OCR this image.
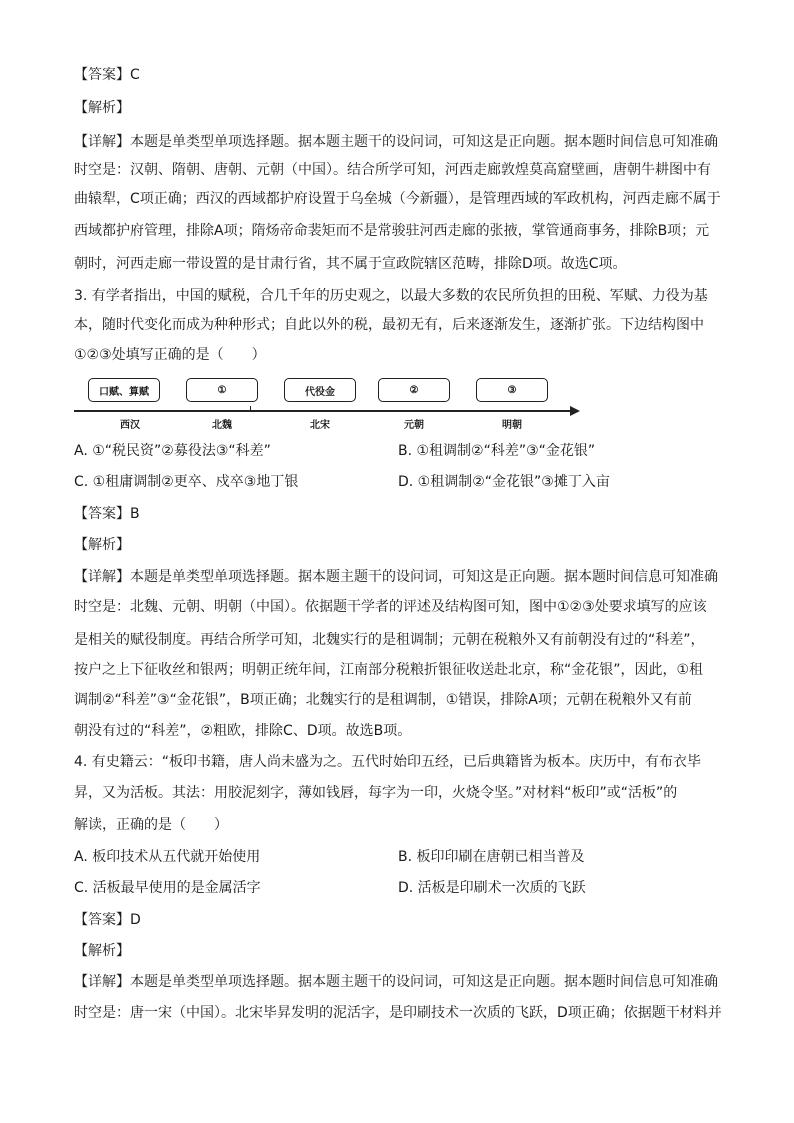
【答案】C
【解析】
【详解】本题是单类型单项选择题。据本题主题干的设问词，可知这是正向题。据本题时间信息可知准确
时空是：汉朝、隋朝、唐朝、元朝（中国）。结合所学可知，河西走廊敦煌莫高窟壁画，唐朝牛耕图中有
曲辕犁，C项正确；西汉的西域都护府设置于乌垒城（今新疆），是管理西域的军政机构，河西走廊不属于
西域都护府管理，排除A项；隋炀帝命裴矩而不是常骏驻河西走廊的张掖，掌管通商事务，排除B项；元
朝时，河西走廊一带设置的是甘肃行省，其不属于宣政院辖区范畴，排除D项。故选C项。
3. 有学者指出，中国的赋税，合几千年的历史观之，以最大多数的农民所负担的田税、军赋、力役为基
本，随时代变化而成为种种形式；自此以外的税，最初无有，后来逐渐发生，逐渐扩张。下边结构图中
①②③处填写正确的是（　　）
口赋、算赋	①	代役金	②	③
西汉	北魏	北宋	元朝	明朝
A. ①“税民资”②募役法③“科差”	B. ①租调制②“科差”③“金花银”
C. ①租庸调制②更卒、戍卒③地丁银	D. ①租调制②“金花银”③摊丁入亩
【答案】B
【解析】
【详解】本题是单类型单项选择题。据本题主题干的设问词，可知这是正向题。据本题时间信息可知准确
时空是：北魏、元朝、明朝（中国）。依据题干学者的评述及结构图可知，图中①②③处要求填写的应该
是相关的赋役制度。再结合所学可知，北魏实行的是租调制；元朝在税粮外又有前朝没有过的“科差”，
按户之上下征收丝和银两；明朝正统年间，江南部分税粮折银征收送赴北京，称“金花银”，因此，①租
调制②“科差”③“金花银”，B项正确；北魏实行的是租调制，①错误，排除A项；元朝在税粮外又有前
朝没有过的“科差”，②粗欧，排除C、D项。故选B项。
4. 有史籍云：“板印书籍，唐人尚未盛为之。五代时始印五经，已后典籍皆为板本。庆历中，有布衣毕
昇，又为活板。其法：用胶泥刻字，薄如钱唇，每字为一印，火烧令坚。”对材料“板印”或“活板”的
解读，正确的是（　　）
A. 板印技术从五代就开始使用	B. 板印印刷在唐朝已相当普及
C. 活板最早使用的是金属活字	D. 活板是印刷术一次质的飞跃
【答案】D
【解析】
【详解】本题是单类型单项选择题。据本题主题干的设问词，可知这是正向题。据本题时间信息可知准确
时空是：唐一宋（中国）。北宋毕昇发明的泥活字，是印刷技术一次质的飞跃，D项正确；依据题干材料并
